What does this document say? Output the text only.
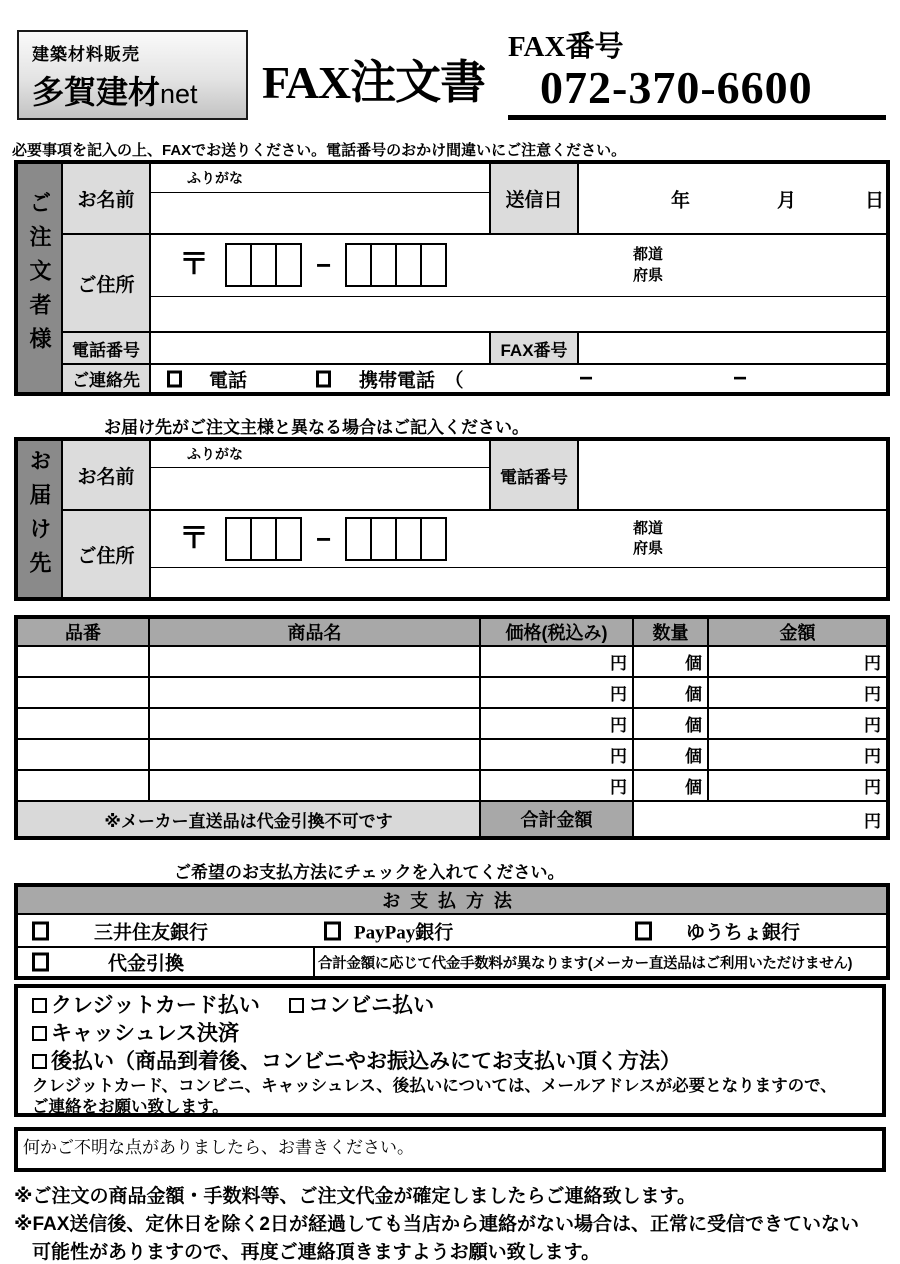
建築材料販売
多賀建材net	FAX注文書
FAX番号
072-370-6600
必要事項を記入の上、FAXでお送りください。電話番号のおかけ間違いにご注意ください。
ご注文者様	お名前	ふりがな	送信日	年 月 日

	ご住所	〒 − 都道
府県		

	電話番号		FAX番号	
	ご連絡先	電話 携帯電話　（ − −		
お届け先がご注文主様と異なる場合はご記入ください。
お届け先	お名前	ふりがな	電話番号	

	ご住所	〒 − 都道
府県		

品番	商品名	価格(税込み)	数量	金額
		円	個	円
		円	個	円
		円	個	円
		円	個	円
		円	個	円
※メーカー直送品は代金引換不可です		合計金額	円	
ご希望のお支払方法にチェックを入れてください。
お支払方法

三井住友銀行	PayPay銀行	ゆうちょ銀行

代金引換	合計金額に応じて代金手数料が異なります(メーカー直送品はご利用いただけません)
クレジットカード払い コンビニ払い
キャッシュレス決済
後払い（商品到着後、コンビニやお振込みにてお支払い頂く方法）
クレジットカード、コンビニ、キャッシュレス、後払いについては、メールアドレスが必要となりますので、
ご連絡をお願い致します。
何かご不明な点がありましたら、お書きください。
※ご注文の商品金額・手数料等、ご注文代金が確定しましたらご連絡致します。
※FAX送信後、定休日を除く2日が経過しても当店から連絡がない場合は、正常に受信できていない
可能性がありますので、再度ご連絡頂きますようお願い致します。
